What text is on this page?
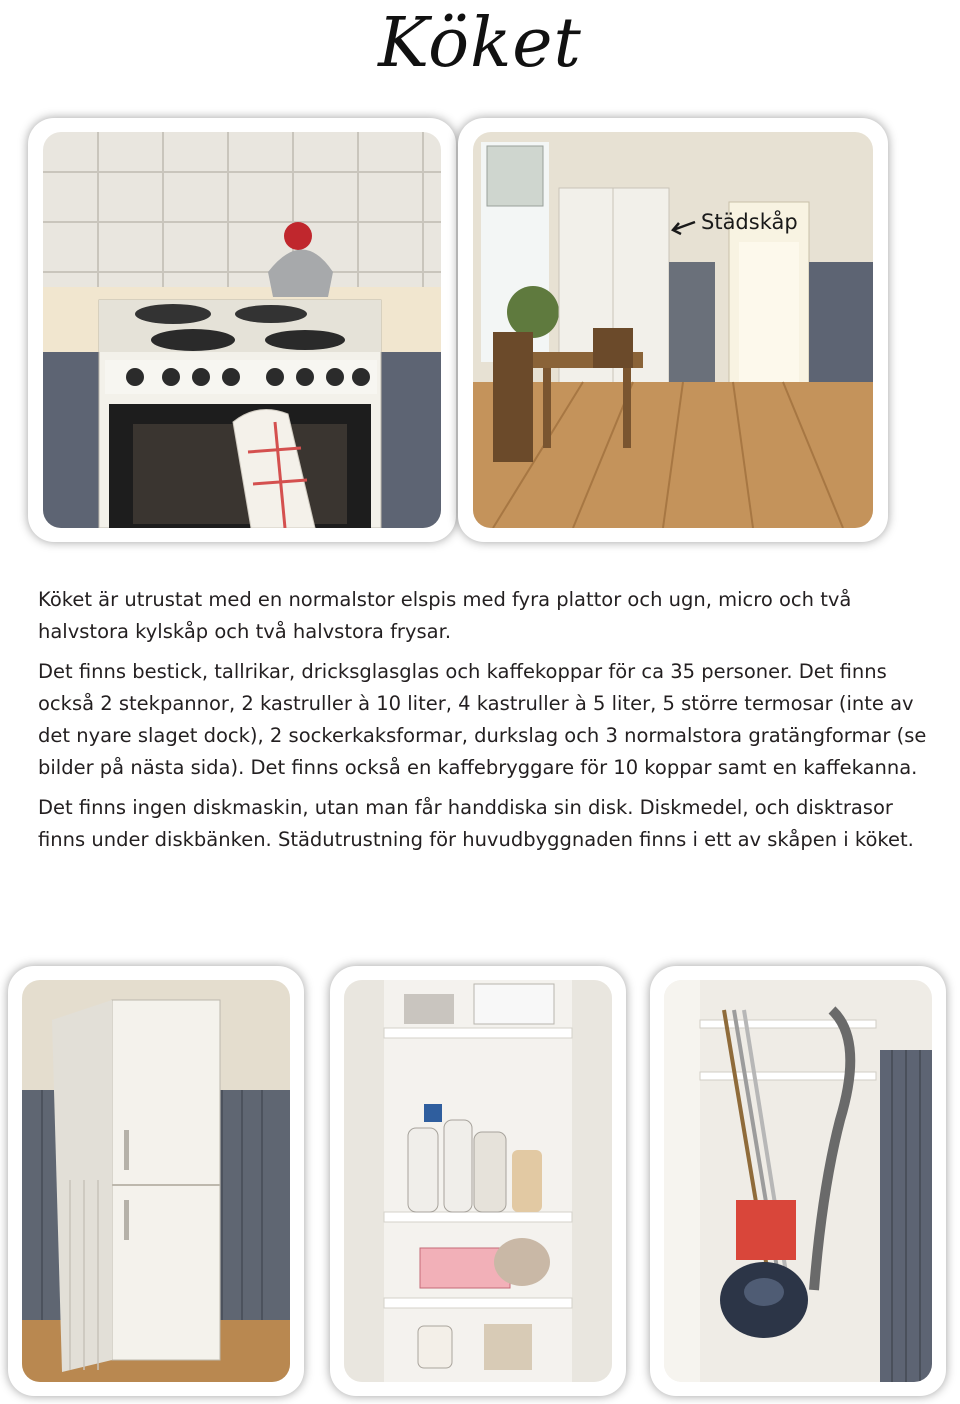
Köket
Städskåp

Köket är utrustat med en normalstor elspis med fyra plattor och ugn, micro och två halvstora kylskåp och två halvstora frysar.

Det finns bestick, tallrikar, dricksglasglas och kaffekoppar för ca 35 personer. Det finns också 2 stekpannor, 2 kastruller à 10 liter, 4 kastruller à 5 liter, 5 större termosar (inte av det nyare slaget dock), 2 sockerkaksformar, durkslag och 3 normalstora gratängformar (se bilder på nästa sida). Det finns också en kaffebryggare för 10 koppar samt en kaffekanna.

Det finns ingen diskmaskin, utan man får handdiska sin disk. Diskmedel, och disktrasor finns under diskbänken. Städutrustning för huvudbyggnaden finns i ett av skåpen i köket.
